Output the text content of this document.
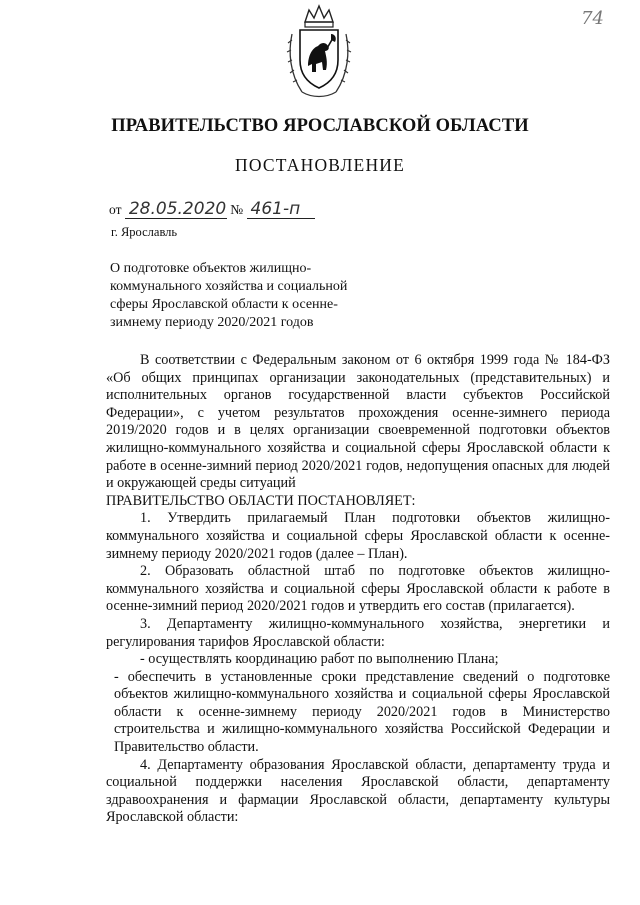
74
ПРАВИТЕЛЬСТВО ЯРОСЛАВСКОЙ ОБЛАСТИ
ПОСТАНОВЛЕНИЕ
от 28.05.2020 № 461-п
г. Ярославль
О подготовке объектов жилищно-коммунального хозяйства и социальной сферы Ярославской области к осенне-зимнему периоду 2020/2021 годов

В соответствии с Федеральным законом от 6 октября 1999 года № 184-ФЗ «Об общих принципах организации законодательных (представительных) и исполнительных органов государственной власти субъектов Российской Федерации», с учетом результатов прохождения осенне-зимнего периода 2019/2020 годов и в целях организации своевременной подготовки объектов жилищно-коммунального хозяйства и социальной сферы Ярославской области к работе в осенне-зимний период 2020/2021 годов, недопущения опасных для людей и окружающей среды ситуаций

ПРАВИТЕЛЬСТВО ОБЛАСТИ ПОСТАНОВЛЯЕТ:

1. Утвердить прилагаемый План подготовки объектов жилищно-коммунального хозяйства и социальной сферы Ярославской области к осенне-зимнему периоду 2020/2021 годов (далее – План).

2. Образовать областной штаб по подготовке объектов жилищно-коммунального хозяйства и социальной сферы Ярославской области к работе в осенне-зимний период 2020/2021 годов и утвердить его состав (прилагается).

3. Департаменту жилищно-коммунального хозяйства, энергетики и регулирования тарифов Ярославской области:

- осуществлять координацию работ по выполнению Плана;

- обеспечить в установленные сроки представление сведений о подготовке объектов жилищно-коммунального хозяйства и социальной сферы Ярославской области к осенне-зимнему периоду 2020/2021 годов в Министерство строительства и жилищно-коммунального хозяйства Российской Федерации и Правительство области.

4. Департаменту образования Ярославской области, департаменту труда и социальной поддержки населения Ярославской области, департаменту здравоохранения и фармации Ярославской области, департаменту культуры Ярославской области:
